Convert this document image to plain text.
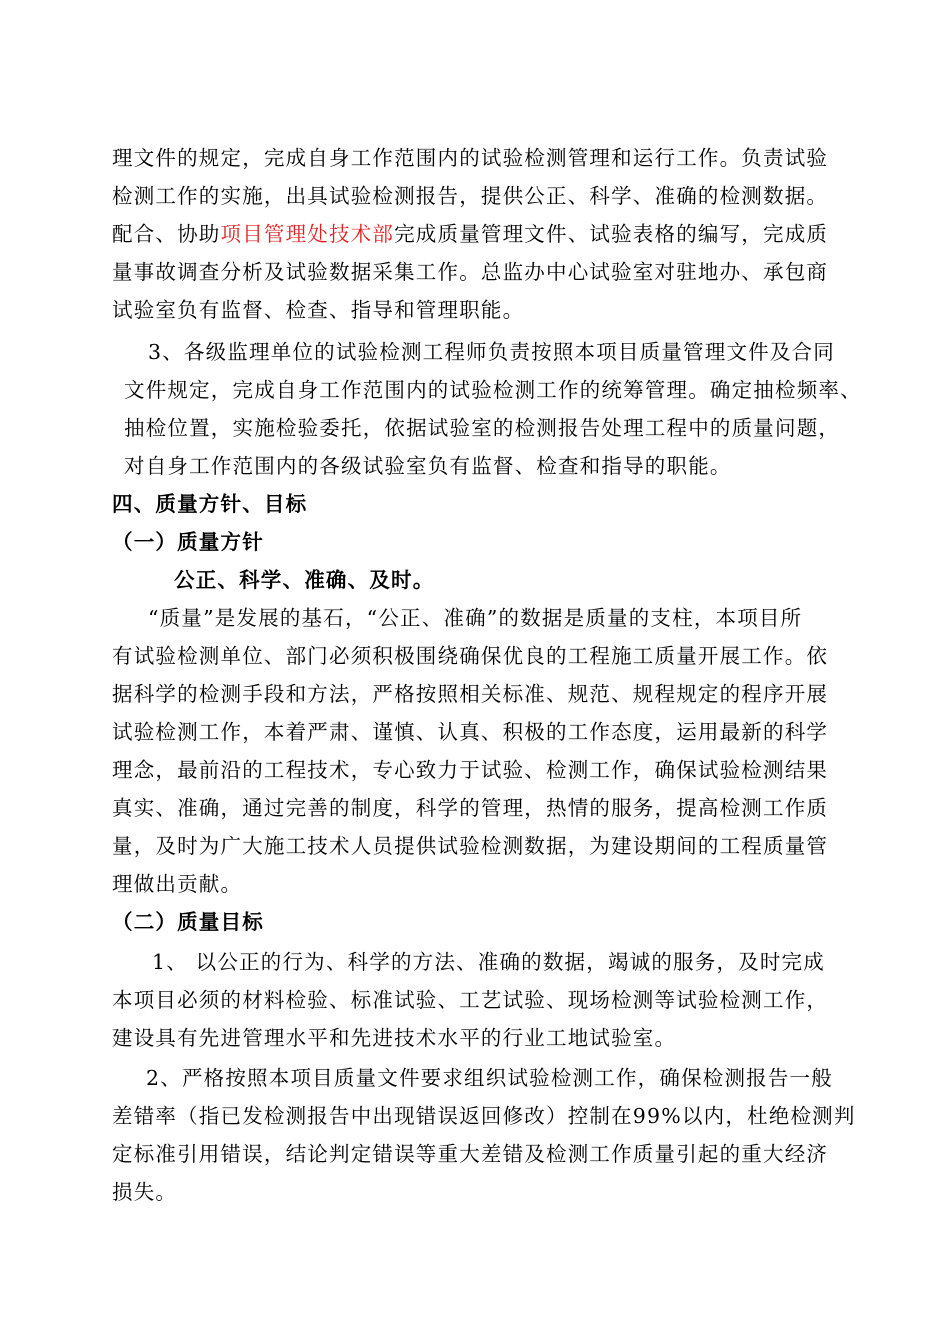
理文件的规定，完成自身工作范围内的试验检测管理和运行工作。负责试验
检测工作的实施，出具试验检测报告，提供公正、科学、准确的检测数据。
配合、协助项目管理处技术部完成质量管理文件、试验表格的编写，完成质
量事故调查分析及试验数据采集工作。总监办中心试验室对驻地办、承包商
试验室负有监督、检查、指导和管理职能。
3、各级监理单位的试验检测工程师负责按照本项目质量管理文件及合同
文件规定，完成自身工作范围内的试验检测工作的统筹管理。确定抽检频率、
抽检位置，实施检验委托，依据试验室的检测报告处理工程中的质量问题，
对自身工作范围内的各级试验室负有监督、检查和指导的职能。
四、质量方针、目标
（一）质量方针
公正、科学、准确、及时。
“质量”是发展的基石，“公正、准确”的数据是质量的支柱，本项目所
有试验检测单位、部门必须积极围绕确保优良的工程施工质量开展工作。依
据科学的检测手段和方法，严格按照相关标准、规范、规程规定的程序开展
试验检测工作，本着严肃、谨慎、认真、积极的工作态度，运用最新的科学
理念，最前沿的工程技术，专心致力于试验、检测工作，确保试验检测结果
真实、准确，通过完善的制度，科学的管理，热情的服务，提高检测工作质
量，及时为广大施工技术人员提供试验检测数据，为建设期间的工程质量管
理做出贡献。
（二）质量目标
1、 以公正的行为、科学的方法、准确的数据，竭诚的服务，及时完成
本项目必须的材料检验、标准试验、工艺试验、现场检测等试验检测工作，
建设具有先进管理水平和先进技术水平的行业工地试验室。
2、严格按照本项目质量文件要求组织试验检测工作，确保检测报告一般
差错率（指已发检测报告中出现错误返回修改）控制在99%以内，杜绝检测判
定标准引用错误，结论判定错误等重大差错及检测工作质量引起的重大经济
损失。
